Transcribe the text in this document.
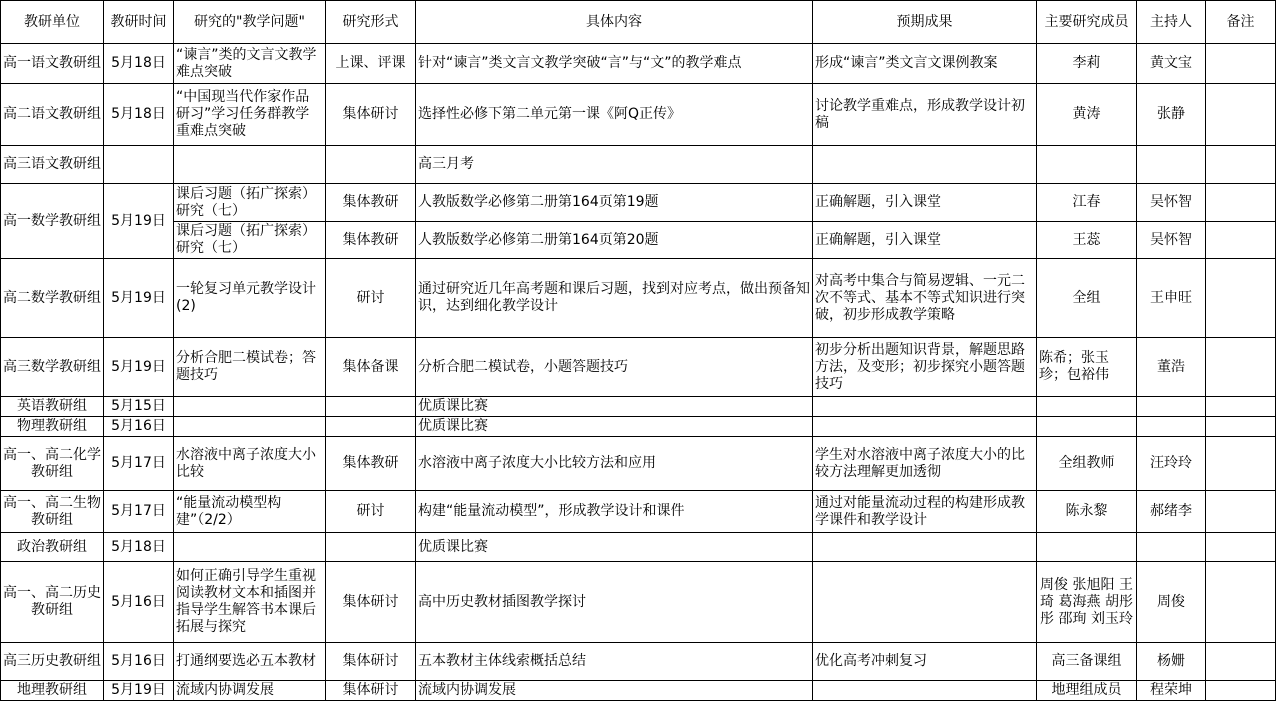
教研单位	教研时间	研究的"教学问题"	研究形式	具体内容	预期成果	主要研究成员	主持人	备注
高一语文教研组	5月18日	“谏言”类的文言文教学难点突破	上课、评课	针对“谏言”类文言文教学突破“言”与“文”的教学难点	形成“谏言”类文言文课例教案	李莉	黄文宝	
高二语文教研组	5月18日	“中国现当代作家作品研习”学习任务群教学重难点突破	集体研讨	选择性必修下第二单元第一课《阿Q正传》	讨论教学重难点，形成教学设计初稿	黄涛	张静	
高三语文教研组				高三月考				
高一数学教研组	5月19日	课后习题（拓广探索）研究（七）	集体教研	人教版数学必修第二册第164页第19题	正确解题，引入课堂	江春	吴怀智	
		课后习题（拓广探索）研究（七）	集体教研	人教版数学必修第二册第164页第20题	正确解题，引入课堂	王蕊	吴怀智	
高二数学教研组	5月19日	一轮复习单元教学设计(2)	研讨	通过研究近几年高考题和课后习题，找到对应考点，做出预备知识，达到细化教学设计	对高考中集合与简易逻辑、一元二次不等式、基本不等式知识进行突破，初步形成教学策略	全组	王申旺	
高三数学教研组	5月19日	分析合肥二模试卷；答题技巧	集体备课	分析合肥二模试卷，小题答题技巧	初步分析出题知识背景，解题思路方法，及变形；初步探究小题答题技巧	陈希；张玉珍；包裕伟	董浩	
英语教研组	5月15日			优质课比赛				
物理教研组	5月16日			优质课比赛				
高一、高二化学教研组	5月17日	水溶液中离子浓度大小比较	集体教研	水溶液中离子浓度大小比较方法和应用	学生对水溶液中离子浓度大小的比较方法理解更加透彻	全组教师	汪玲玲	
高一、高二生物教研组	5月17日	“能量流动模型构建”（2/2）	研讨	构建“能量流动模型”，形成教学设计和课件	通过对能量流动过程的构建形成教学课件和教学设计	陈永黎	郝绪李	
政治教研组	5月18日			优质课比赛				
高一、高二历史教研组	5月16日	如何正确引导学生重视阅读教材文本和插图并指导学生解答书本课后拓展与探究	集体研讨	高中历史教材插图教学探讨		周俊 张旭阳 王琦 葛海燕 胡彤彤 邵珣 刘玉玲	周俊	
高三历史教研组	5月16日	打通纲要选必五本教材	集体研讨	五本教材主体线索概括总结	优化高考冲刺复习	高三备课组	杨姗	
地理教研组	5月19日	流域内协调发展	集体研讨	流域内协调发展		地理组成员	程荣坤	
